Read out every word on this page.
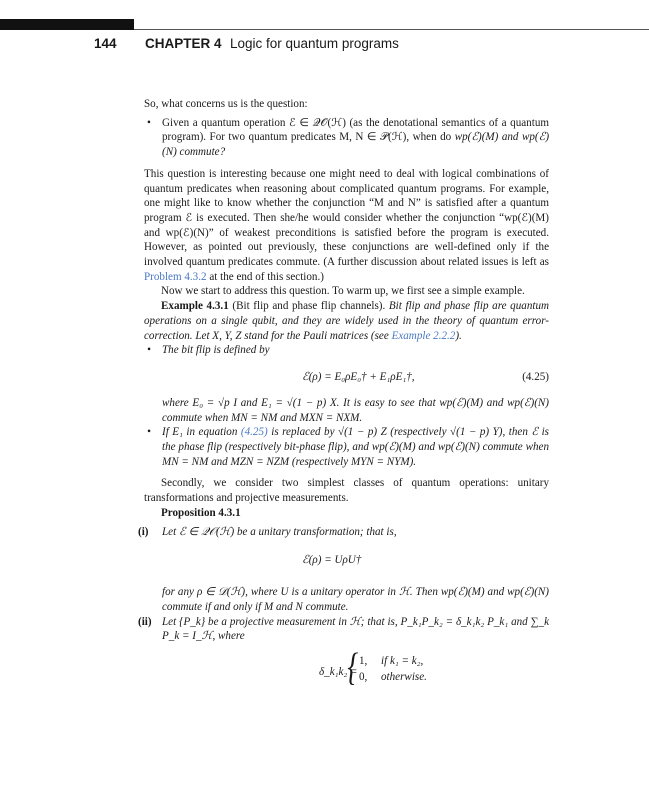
144 CHAPTER 4 Logic for quantum programs

So, what concerns us is the question:

• Given a quantum operation ℰ ∈ 𝒬𝒪(ℋ) (as the denotational semantics of a quantum program). For two quantum predicates M, N ∈ 𝒫(ℋ), when do wp(ℰ)(M) and wp(ℰ)(N) commute?

This question is interesting because one might need to deal with logical combinations of quantum predicates when reasoning about complicated quantum programs. For example, one might like to know whether the conjunction “M and N” is satisfied after a quantum program ℰ is executed. Then she/he would consider whether the conjunction “wp(ℰ)(M) and wp(ℰ)(N)” of weakest preconditions is satisfied before the program is executed. However, as pointed out previously, these conjunctions are well-defined only if the involved quantum predicates commute. (A further discussion about related issues is left as Problem 4.3.2 at the end of this section.)

Now we start to address this question. To warm up, we first see a simple example.

Example 4.3.1 (Bit flip and phase flip channels). Bit flip and phase flip are quantum operations on a single qubit, and they are widely used in the theory of quantum error-correction. Let X, Y, Z stand for the Pauli matrices (see Example 2.2.2).

• The bit flip is defined by
ℰ(ρ) = E₀ρE₀† + E₁ρE₁†,	(4.25)
where E₀ = √p I and E₁ = √(1 − p) X. It is easy to see that wp(ℰ)(M) and wp(ℰ)(N) commute when MN = NM and MXN = NXM.
• If E₁ in equation (4.25) is replaced by √(1 − p) Z (respectively √(1 − p) Y), then ℰ is the phase flip (respectively bit-phase flip), and wp(ℰ)(M) and wp(ℰ)(N) commute when MN = NM and MZN = NZM (respectively MYN = NYM).

Secondly, we consider two simplest classes of quantum operations: unitary transformations and projective measurements.

Proposition 4.3.1

(i) Let ℰ ∈ 𝒬𝒪(ℋ) be a unitary transformation; that is,
ℰ(ρ) = UρU†
for any ρ ∈ 𝒟(ℋ), where U is a unitary operator in ℋ. Then wp(ℰ)(M) and wp(ℰ)(N) commute if and only if M and N commute.
(ii) Let {P_k} be a projective measurement in ℋ; that is, P_k₁P_k₂ = δ_k₁k₂ P_k₁ and ∑_k P_k = I_ℋ, where
δ_k₁k₂ =
{ 1, if k₁ = k₂,
0, otherwise.
